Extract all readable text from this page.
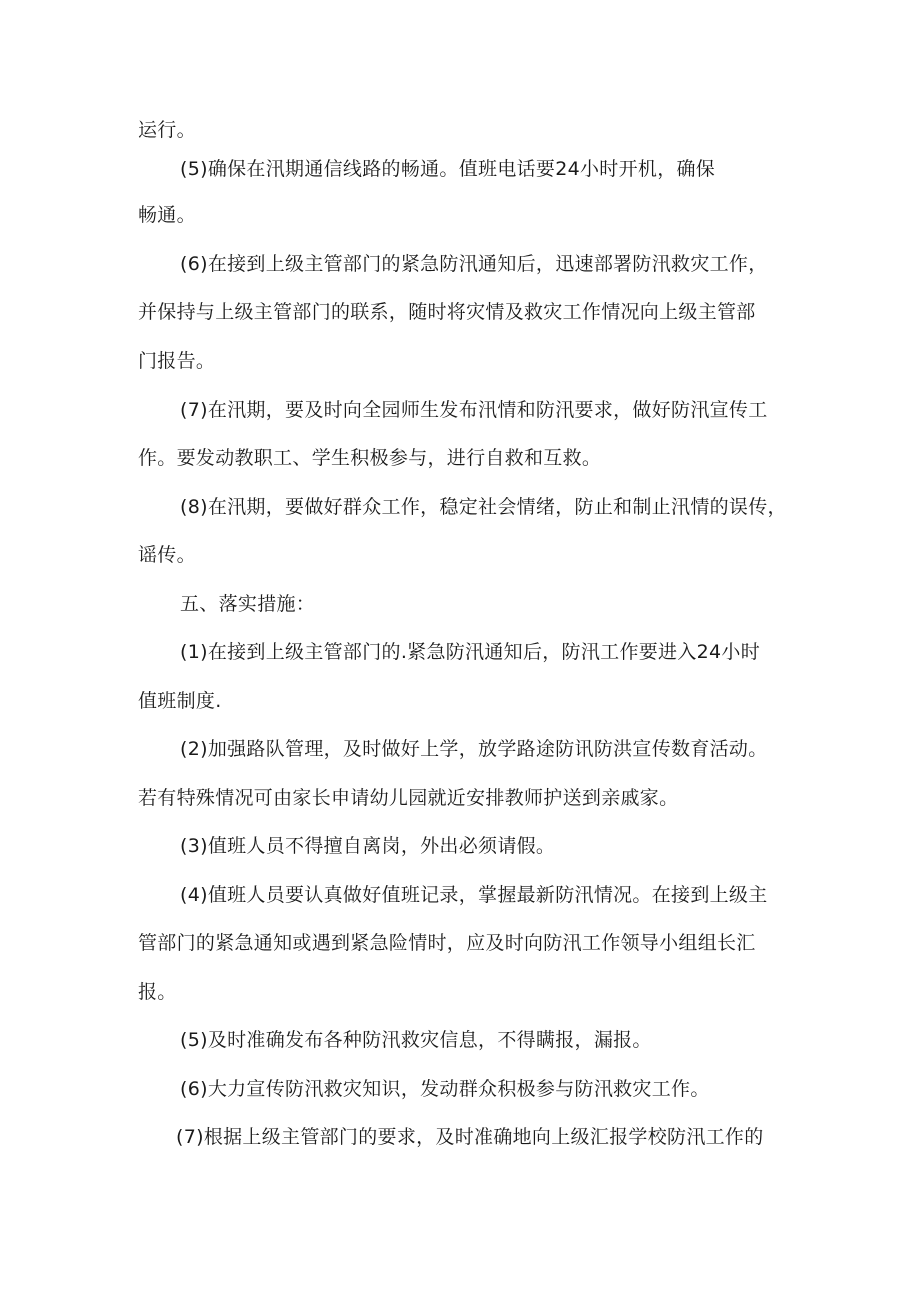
运行。
(5)确保在汛期通信线路的畅通。值班电话要24小时开机，确保
畅通。
(6)在接到上级主管部门的紧急防汛通知后，迅速部署防汛救灾工作，
并保持与上级主管部门的联系，随时将灾情及救灾工作情况向上级主管部
门报告。
(7)在汛期，要及时向全园师生发布汛情和防汛要求，做好防汛宣传工
作。要发动教职工、学生积极参与，进行自救和互救。
(8)在汛期，要做好群众工作，稳定社会情绪，防止和制止汛情的误传，
谣传。
五、落实措施：
(1)在接到上级主管部门的.紧急防汛通知后，防汛工作要进入24小时
值班制度.
(2)加强路队管理，及时做好上学，放学路途防讯防洪宣传数育活动。
若有特殊情况可由家长申请幼儿园就近安排教师护送到亲戚家。
(3)值班人员不得擅自离岗，外出必须请假。
(4)值班人员要认真做好值班记录，掌握最新防汛情况。在接到上级主
管部门的紧急通知或遇到紧急险情时，应及时向防汛工作领导小组组长汇
报。
(5)及时准确发布各种防汛救灾信息，不得瞒报，漏报。
(6)大力宣传防汛救灾知识，发动群众积极参与防汛救灾工作。
(7)根据上级主管部门的要求，及时准确地向上级汇报学校防汛工作的
